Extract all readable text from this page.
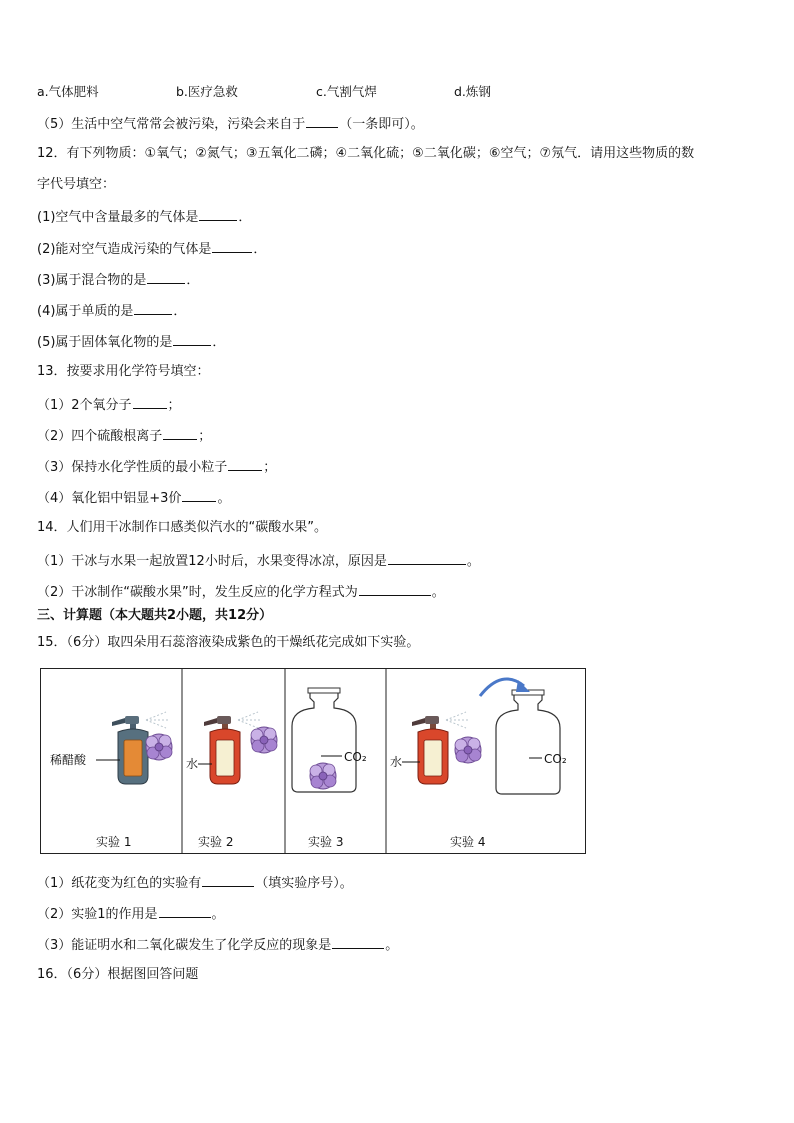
a.气体肥料	b.医疗急救	c.气割气焊	d.炼钢
（5）生活中空气常常会被污染，污染会来自于	（一条即可）。
12．有下列物质：①氧气；②氮气；③五氧化二磷；④二氧化硫；⑤二氧化碳；⑥空气；⑦氖气．请用这些物质的数
字代号填空：
(1)空气中含量最多的气体是	．
(2)能对空气造成污染的气体是	．
(3)属于混合物的是	．
(4)属于单质的是	．
(5)属于固体氧化物的是	．
13．按要求用化学符号填空：
（1）2个氧分子	；
（2）四个硫酸根离子	；
（3）保持水化学性质的最小粒子	；
（4）氧化铝中铝显+3价	。
14．人们用干冰制作口感类似汽水的“碳酸水果”。
（1）干冰与水果一起放置12小时后，水果变得冰凉，原因是	。
（2）干冰制作“碳酸水果”时，发生反应的化学方程式为	。
三、计算题（本大题共2小题，共12分）
15．（6分）取四朵用石蕊溶液染成紫色的干燥纸花完成如下实验。
稀醋酸
实验 1
水
实验 2
CO₂
实验 3
水	CO₂
实验 4
（1）纸花变为红色的实验有	（填实验序号）。
（2）实验1的作用是	。
（3）能证明水和二氧化碳发生了化学反应的现象是	。
16．（6分）根据图回答问题
